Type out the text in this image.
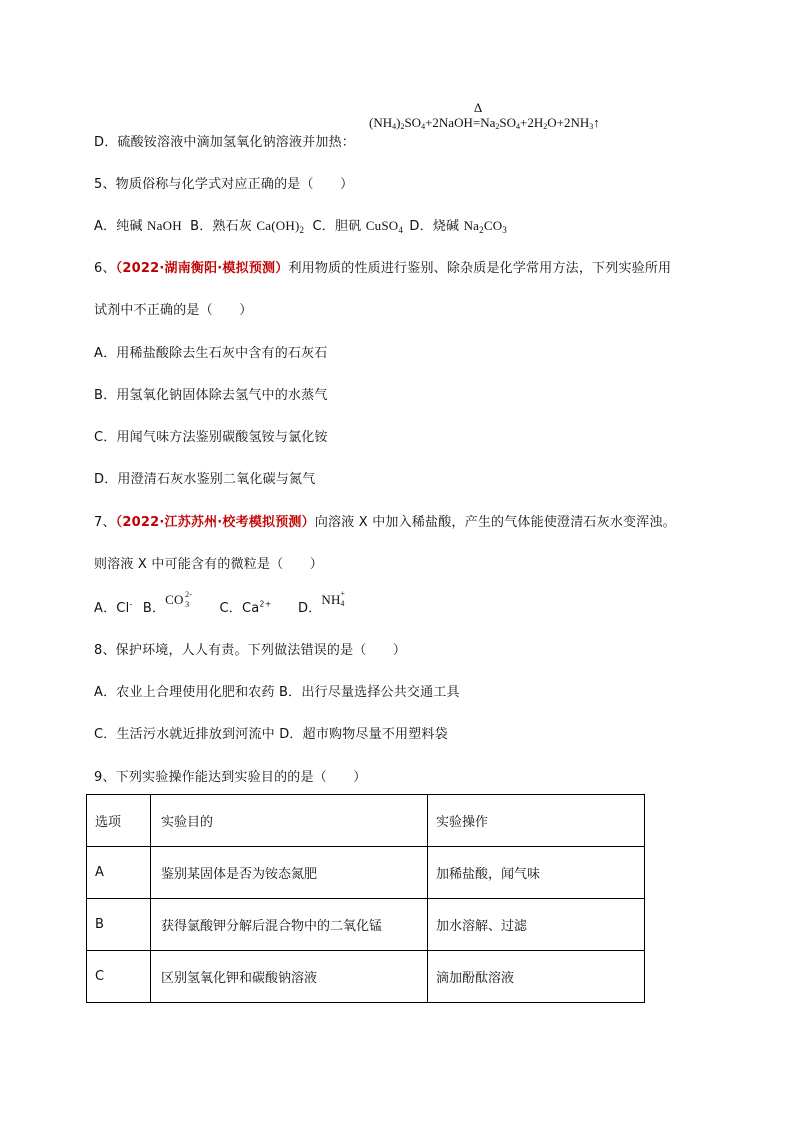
$(NH_4)_2SO_4+2NaOH$
Δ
$=Na_2SO_4+2H_2O+2NH_3↑$
D．硫酸铵溶液中滴加氢氧化钠溶液并加热：
5、物质俗称与化学式对应正确的是（　　）
A．纯碱 NaOH B．熟石灰 $Ca(OH)_2$ C．胆矾 CuSO$_4$ D．烧碱 $Na_2CO_3$
6、（2022·湖南衡阳·模拟预测）利用物质的性质进行鉴别、除杂质是化学常用方法，下列实验所用
试剂中不正确的是（　　）
A．用稀盐酸除去生石灰中含有的石灰石
B．用氢氧化钠固体除去氢气中的水蒸气
C．用闻气味方法鉴别碳酸氢铵与氯化铵
D．用澄清石灰水鉴别二氧化碳与氮气
7、（2022·江苏苏州·校考模拟预测）向溶液 X 中加入稀盐酸，产生的气体能使澄清石灰水变浑浊。
则溶液 X 中可能含有的微粒是（　　）
A．Cl- B．CO 2-
3 C．$Ca^{2+}$ D．NH +
4
8、保护环境，人人有责。下列做法错误的是（　　）
A．农业上合理使用化肥和农药 B．出行尽量选择公共交通工具
C．生活污水就近排放到河流中 D．超市购物尽量不用塑料袋
9、下列实验操作能达到实验目的的是（　　）
选项	实验目的	实验操作
A	鉴别某固体是否为铵态氮肥	加稀盐酸，闻气味
B	获得氯酸钾分解后混合物中的二氧化锰	加水溶解、过滤
C	区别氢氧化钾和碳酸钠溶液	滴加酚酞溶液
